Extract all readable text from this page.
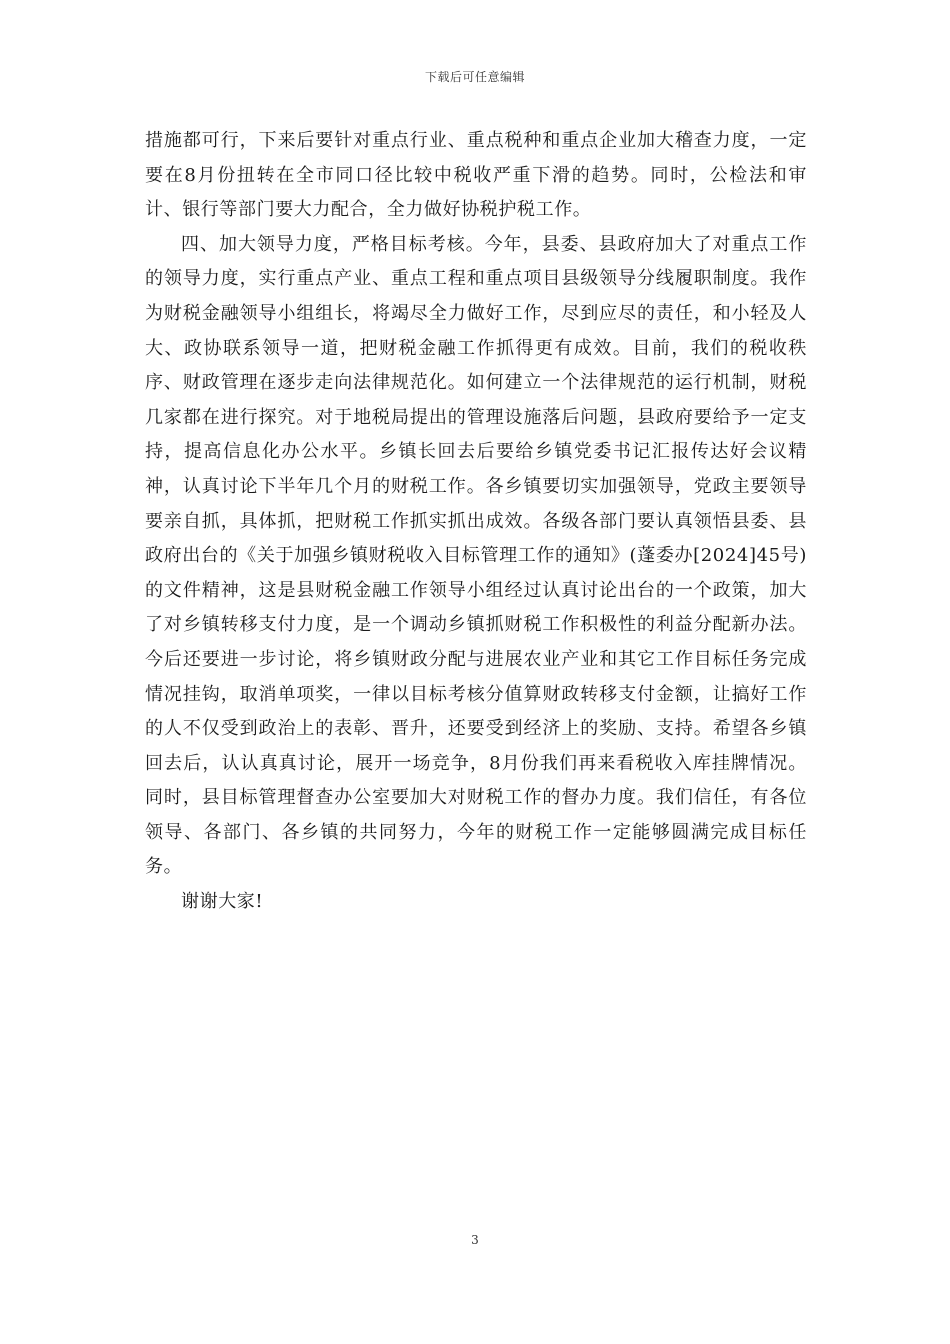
下载后可任意编辑

措施都可行，下来后要针对重点行业、重点税种和重点企业加大稽查力度，一定要在8月份扭转在全市同口径比较中税收严重下滑的趋势。同时，公检法和审计、银行等部门要大力配合，全力做好协税护税工作。

四、加大领导力度，严格目标考核。今年，县委、县政府加大了对重点工作的领导力度，实行重点产业、重点工程和重点项目县级领导分线履职制度。我作为财税金融领导小组组长，将竭尽全力做好工作，尽到应尽的责任，和小轻及人大、政协联系领导一道，把财税金融工作抓得更有成效。目前，我们的税收秩序、财政管理在逐步走向法律规范化。如何建立一个法律规范的运行机制，财税几家都在进行探究。对于地税局提出的管理设施落后问题，县政府要给予一定支持，提高信息化办公水平。乡镇长回去后要给乡镇党委书记汇报传达好会议精神，认真讨论下半年几个月的财税工作。各乡镇要切实加强领导，党政主要领导要亲自抓，具体抓，把财税工作抓实抓出成效。各级各部门要认真领悟县委、县政府出台的《关于加强乡镇财税收入目标管理工作的通知》(蓬委办[2024]45号)的文件精神，这是县财税金融工作领导小组经过认真讨论出台的一个政策，加大了对乡镇转移支付力度，是一个调动乡镇抓财税工作积极性的利益分配新办法。今后还要进一步讨论，将乡镇财政分配与进展农业产业和其它工作目标任务完成情况挂钩，取消单项奖，一律以目标考核分值算财政转移支付金额，让搞好工作的人不仅受到政治上的表彰、晋升，还要受到经济上的奖励、支持。希望各乡镇回去后，认认真真讨论，展开一场竞争，8月份我们再来看税收入库挂牌情况。同时，县目标管理督查办公室要加大对财税工作的督办力度。我们信任，有各位领导、各部门、各乡镇的共同努力，今年的财税工作一定能够圆满完成目标任务。

谢谢大家!

3
